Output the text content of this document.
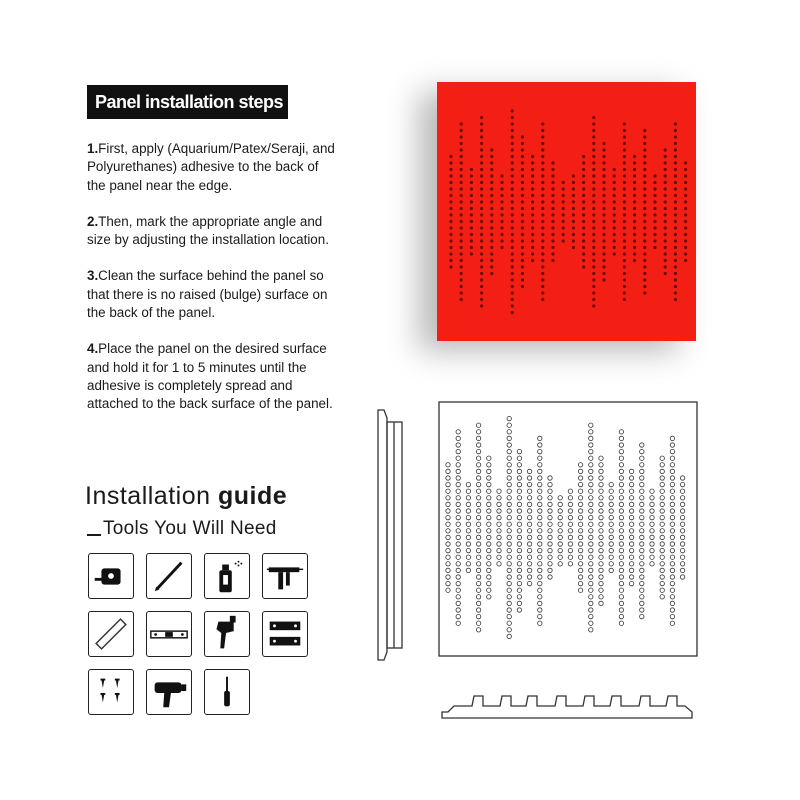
Panel installation steps

1.First, apply (Aquarium/Patex/Seraji, and Polyurethanes) adhesive to the back of the panel near the edge.

2.Then, mark the appropriate angle and size by adjusting the installation location.

3.Clean the surface behind the panel so that there is no raised (bulge) surface on the back of the panel.

4.Place the panel on the desired surface and hold it for 1 to 5 minutes until the adhesive is completely spread and attached to the back surface of the panel.

Installation guide
Tools You Will Need
